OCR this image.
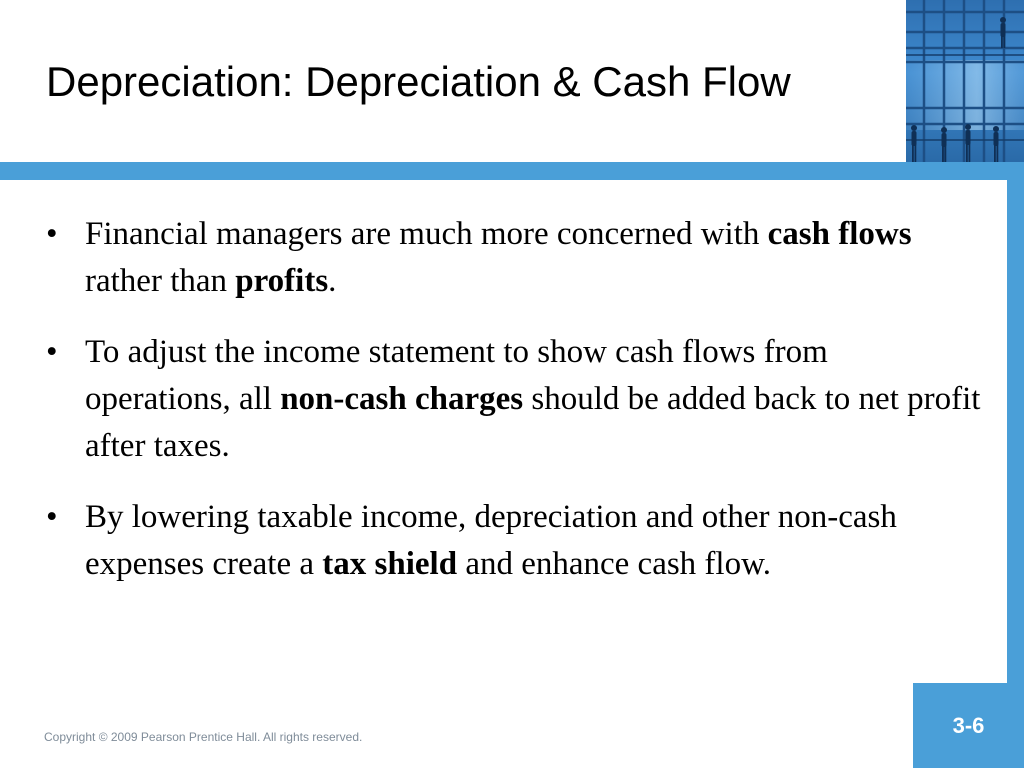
Depreciation: Depreciation & Cash Flow
• Financial managers are much more concerned with cash flows rather than profits.
• To adjust the income statement to show cash flows from operations, all non-cash charges should be added back to net profit after taxes.
• By lowering taxable income, depreciation and other non-cash expenses create a tax shield and enhance cash flow.
Copyright © 2009 Pearson Prentice Hall. All rights reserved.	3-6
